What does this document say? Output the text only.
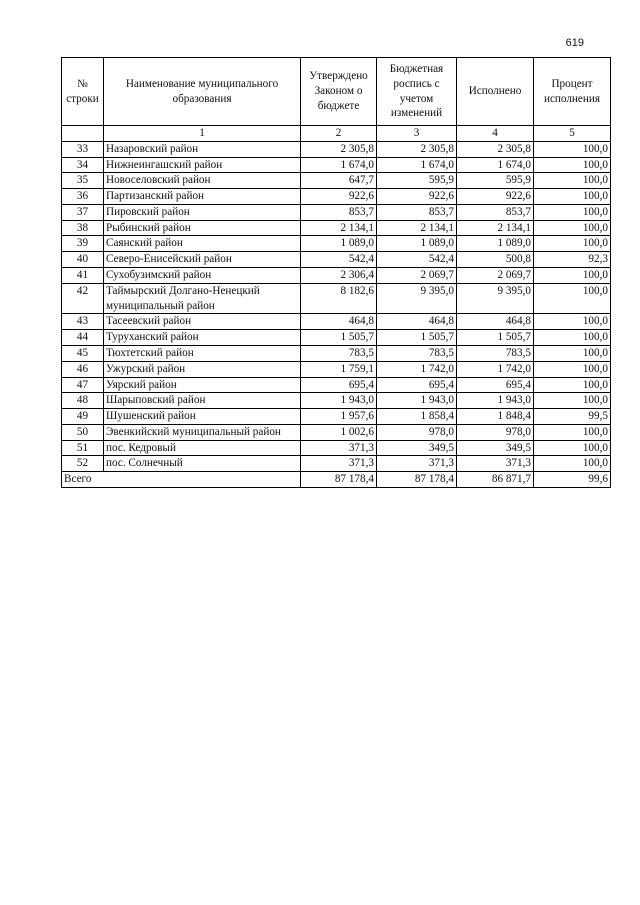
619
№ строки	Наименование муниципального образования	Утверждено Законом о бюджете	Бюджетная роспись с учетом изменений	Исполнено	Процент исполнения
	1	2	3	4	5
33	Назаровский район	2 305,8	2 305,8	2 305,8	100,0
34	Нижнеингашский район	1 674,0	1 674,0	1 674,0	100,0
35	Новоселовский район	647,7	595,9	595,9	100,0
36	Партизанский район	922,6	922,6	922,6	100,0
37	Пировский район	853,7	853,7	853,7	100,0
38	Рыбинский район	2 134,1	2 134,1	2 134,1	100,0
39	Саянский район	1 089,0	1 089,0	1 089,0	100,0
40	Северо-Енисейский район	542,4	542,4	500,8	92,3
41	Сухобузимский район	2 306,4	2 069,7	2 069,7	100,0
42	Таймырский Долгано-Ненецкий муниципальный район	8 182,6	9 395,0	9 395,0	100,0
43	Тасеевский район	464,8	464,8	464,8	100,0
44	Туруханский район	1 505,7	1 505,7	1 505,7	100,0
45	Тюхтетский район	783,5	783,5	783,5	100,0
46	Ужурский район	1 759,1	1 742,0	1 742,0	100,0
47	Уярский район	695,4	695,4	695,4	100,0
48	Шарыповский район	1 943,0	1 943,0	1 943,0	100,0
49	Шушенский район	1 957,6	1 858,4	1 848,4	99,5
50	Эвенкийский муниципальный район	1 002,6	978,0	978,0	100,0
51	пос. Кедровый	371,3	349,5	349,5	100,0
52	пос. Солнечный	371,3	371,3	371,3	100,0
Всего		87 178,4	87 178,4	86 871,7	99,6
